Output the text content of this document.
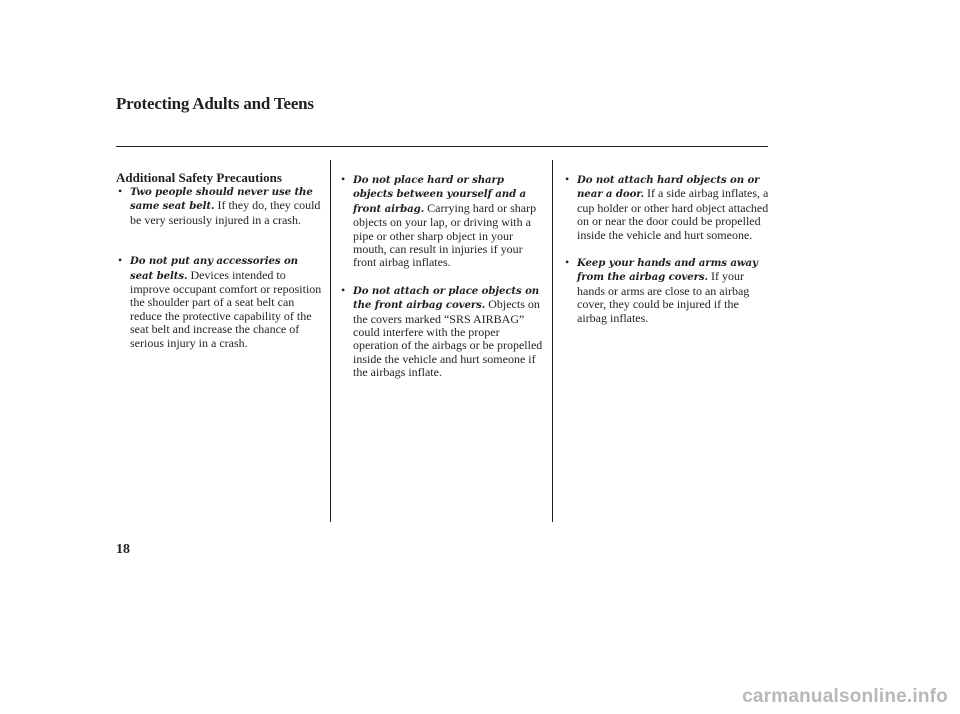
Protecting Adults and Teens
Additional Safety Precautions
• Two people should never use the same seat belt. If they do, they could be very seriously injured in a crash.
• Do not put any accessories on seat belts. Devices intended to improve occupant comfort or reposition the shoulder part of a seat belt can reduce the protective capability of the seat belt and increase the chance of serious injury in a crash.
• Do not place hard or sharp objects between yourself and a front airbag. Carrying hard or sharp objects on your lap, or driving with a pipe or other sharp object in your mouth, can result in injuries if your front airbag inflates.
• Do not attach or place objects on the front airbag covers. Objects on the covers marked “SRS AIRBAG” could interfere with the proper operation of the airbags or be propelled inside the vehicle and hurt someone if the airbags inflate.
• Do not attach hard objects on or near a door. If a side airbag inflates, a cup holder or other hard object attached on or near the door could be propelled inside the vehicle and hurt someone.
• Keep your hands and arms away from the airbag covers. If your hands or arms are close to an airbag cover, they could be injured if the airbag inflates.

18

carmanualsonline.info
